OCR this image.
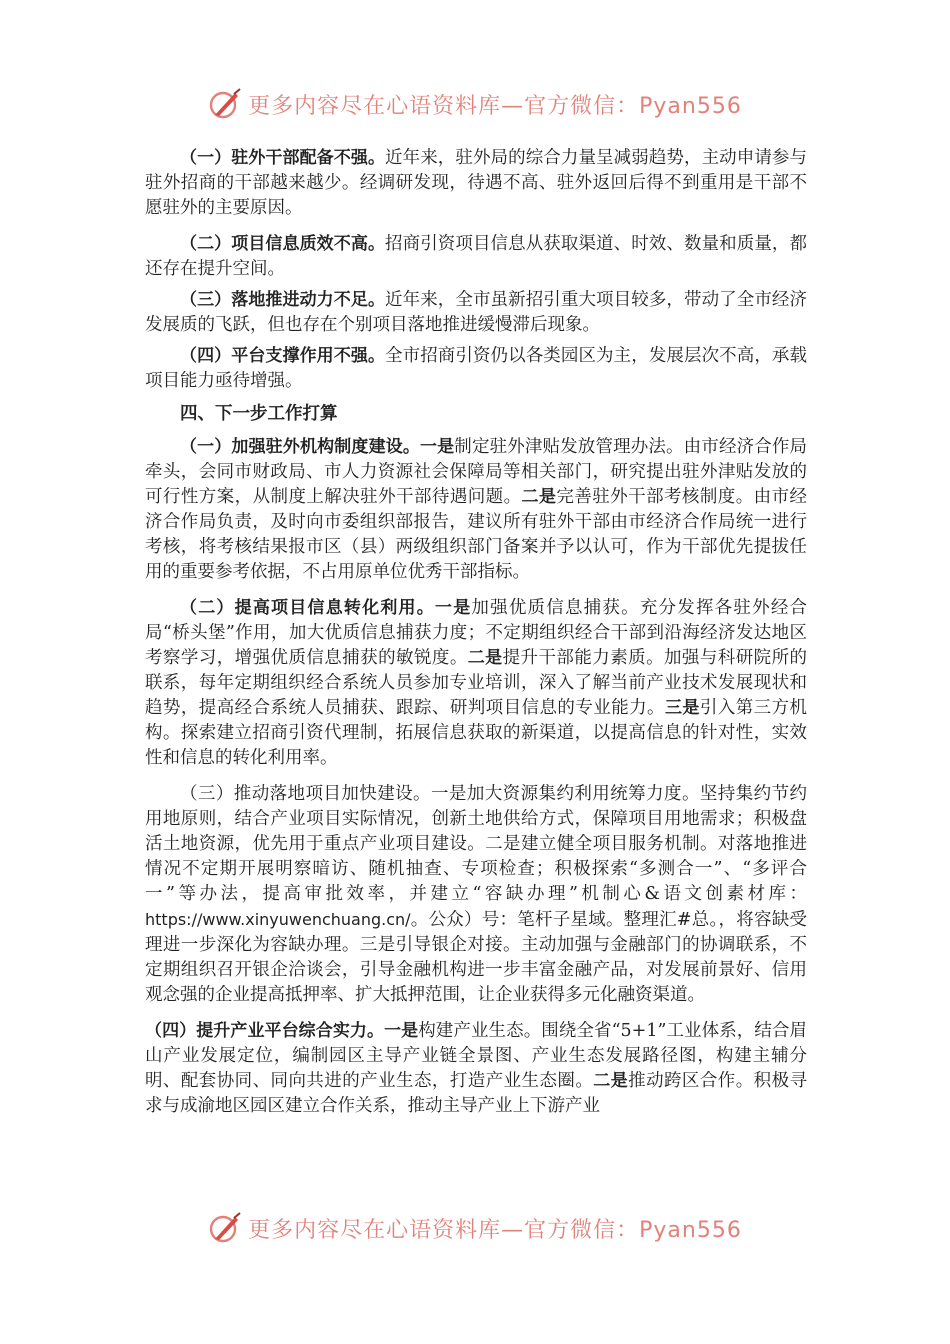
更多内容尽在心语资料库—官方微信：Pyan556

（一）驻外干部配备不强。近年来，驻外局的综合力量呈减弱趋势，主动申请参与驻外招商的干部越来越少。经调研发现，待遇不高、驻外返回后得不到重用是干部不愿驻外的主要原因。

（二）项目信息质效不高。招商引资项目信息从获取渠道、时效、数量和质量，都还存在提升空间。

（三）落地推进动力不足。近年来，全市虽新招引重大项目较多，带动了全市经济发展质的飞跃，但也存在个别项目落地推进缓慢滞后现象。

（四）平台支撑作用不强。全市招商引资仍以各类园区为主，发展层次不高，承载项目能力亟待增强。

四、下一步工作打算

（一）加强驻外机构制度建设。一是制定驻外津贴发放管理办法。由市经济合作局牵头，会同市财政局、市人力资源社会保障局等相关部门，研究提出驻外津贴发放的可行性方案，从制度上解决驻外干部待遇问题。二是完善驻外干部考核制度。由市经济合作局负责，及时向市委组织部报告，建议所有驻外干部由市经济合作局统一进行考核，将考核结果报市区（县）两级组织部门备案并予以认可，作为干部优先提拔任用的重要参考依据，不占用原单位优秀干部指标。

（二）提高项目信息转化利用。一是加强优质信息捕获。充分发挥各驻外经合局“桥头堡”作用，加大优质信息捕获力度；不定期组织经合干部到沿海经济发达地区考察学习，增强优质信息捕获的敏锐度。二是提升干部能力素质。加强与科研院所的联系，每年定期组织经合系统人员参加专业培训，深入了解当前产业技术发展现状和趋势，提高经合系统人员捕获、跟踪、研判项目信息的专业能力。三是引入第三方机构。探索建立招商引资代理制，拓展信息获取的新渠道，以提高信息的针对性，实效性和信息的转化利用率。

（三）推动落地项目加快建设。一是加大资源集约利用统筹力度。坚持集约节约用地原则，结合产业项目实际情况，创新土地供给方式，保障项目用地需求；积极盘活土地资源，优先用于重点产业项目建设。二是建立健全项目服务机制。对落地推进情况不定期开展明察暗访、随机抽查、专项检查；积极探索“多测合一”、“多评合一”等办法，提高审批效率，并建立“容缺办理”机制心&语文创素材库：https://www.xinyuwenchuang.cn/。公众）号：笔杆子星域。整理汇#总。，将容缺受理进一步深化为容缺办理。三是引导银企对接。主动加强与金融部门的协调联系，不定期组织召开银企洽谈会，引导金融机构进一步丰富金融产品，对发展前景好、信用观念强的企业提高抵押率、扩大抵押范围，让企业获得多元化融资渠道。

（四）提升产业平台综合实力。一是构建产业生态。围绕全省“5+1”工业体系，结合眉山产业发展定位，编制园区主导产业链全景图、产业生态发展路径图，构建主辅分明、配套协同、同向共进的产业生态，打造产业生态圈。二是推动跨区合作。积极寻求与成渝地区园区建立合作关系，推动主导产业上下游产业

更多内容尽在心语资料库—官方微信：Pyan556
